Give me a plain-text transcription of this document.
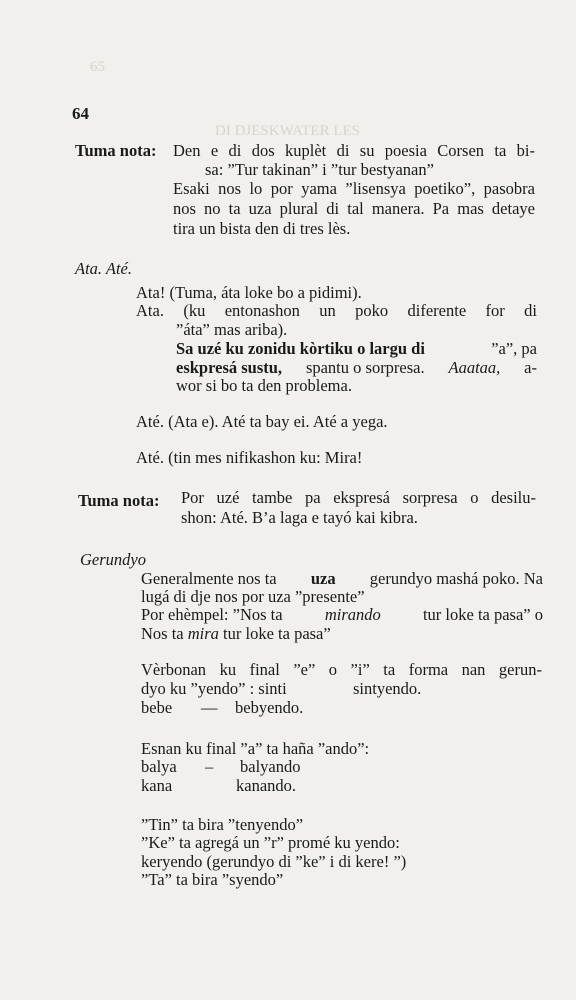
65
DI DJESKWATER LES
64
Tuma nota: Den e di dos kuplèt di su poesia Corsen ta bi-
sa: ”Tur takinan” i ”tur bestyanan”
Esaki nos lo por yama ”lisensya poetiko”, pasobra
nos no ta uza plural di tal manera. Pa mas detaye
tira un bista den di tres lès.
Ata. Até.
Ata! (Tuma, áta loke bo a pidimi).
Ata. (ku entonashon un poko diferente for di
”áta” mas ariba).
Sa uzé ku zonidu kòrtiku o largu di	”a”, pa
eskpresá sustu, spantu o sorpresa. Aaataa, a-
wor si bo ta den problema.
Até. (Ata e). Até ta bay ei. Até a yega.
Até. (tin mes nifikashon ku: Mira!
Tuma nota: Por uzé tambe pa ekspresá sorpresa o desilu-
shon: Até. B’a laga e tayó kai kibra.
Gerundyo
Generalmente nos ta uza gerundyo mashá poko. Na
lugá di dje nos por uza ”presente”
Por ehèmpel: ”Nos ta	mirando	tur loke ta pasa” o
Nos ta mira tur loke ta pasa”
Vèrbonan ku final ”e” o ”i” ta forma nan gerun-
dyo ku ”yendo” : sinti	sintyendo.
bebe — bebyendo.
Esnan ku final ”a” ta haña ”ando”:
balya – balyando
kana	kanando.
”Tin” ta bira ”tenyendo”
”Ke” ta agregá un ”r” promé ku yendo:
keryendo (gerundyo di ”ke” i di kere! ”)
”Ta” ta bira ”syendo”
